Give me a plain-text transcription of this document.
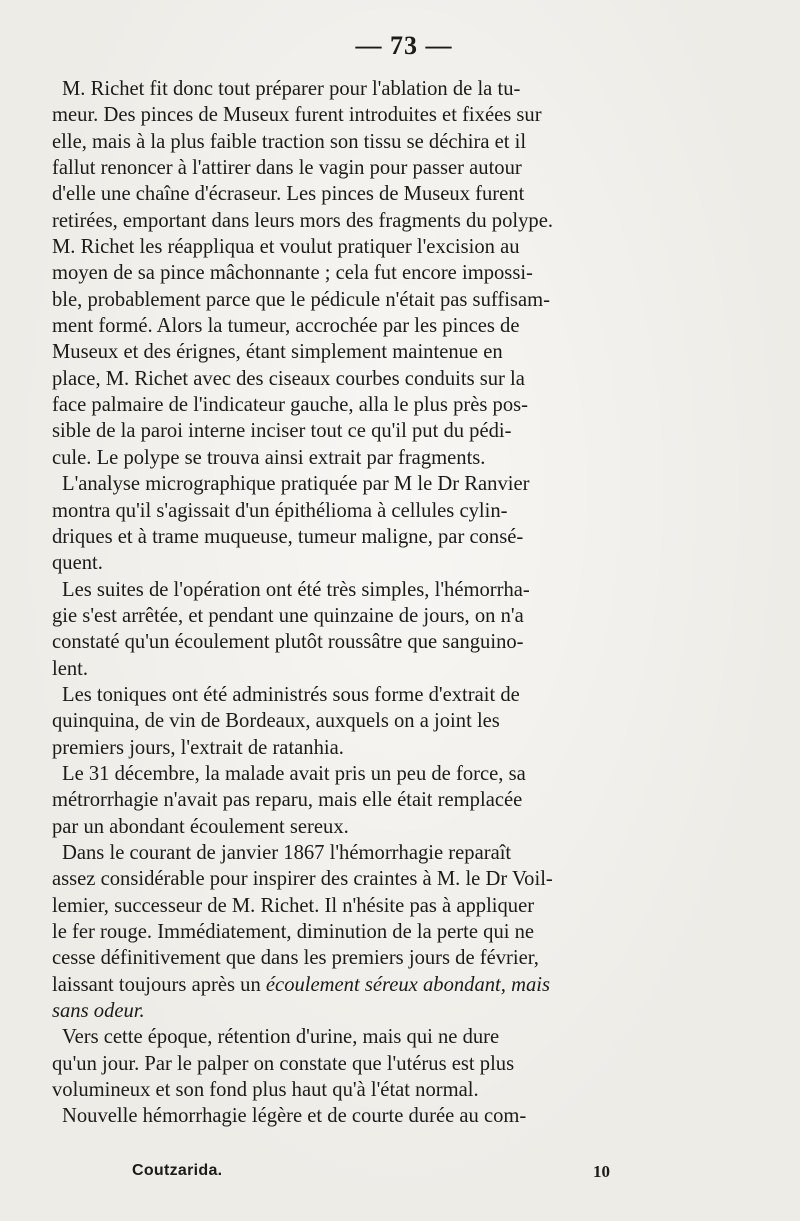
— 73 —

M. Richet fit donc tout préparer pour l'ablation de la tu-
meur. Des pinces de Museux furent introduites et fixées sur
elle, mais à la plus faible traction son tissu se déchira et il
fallut renoncer à l'attirer dans le vagin pour passer autour
d'elle une chaîne d'écraseur. Les pinces de Museux furent
retirées, emportant dans leurs mors des fragments du polype.
M. Richet les réappliqua et voulut pratiquer l'excision au
moyen de sa pince mâchonnante ; cela fut encore impossi-
ble, probablement parce que le pédicule n'était pas suffisam-
ment formé. Alors la tumeur, accrochée par les pinces de
Museux et des érignes, étant simplement maintenue en
place, M. Richet avec des ciseaux courbes conduits sur la
face palmaire de l'indicateur gauche, alla le plus près pos-
sible de la paroi interne inciser tout ce qu'il put du pédi-
cule. Le polype se trouva ainsi extrait par fragments.

L'analyse micrographique pratiquée par M le Dr Ranvier
montra qu'il s'agissait d'un épithélioma à cellules cylin-
driques et à trame muqueuse, tumeur maligne, par consé-
quent.

Les suites de l'opération ont été très simples, l'hémorrha-
gie s'est arrêtée, et pendant une quinzaine de jours, on n'a
constaté qu'un écoulement plutôt roussâtre que sanguino-
lent.

Les toniques ont été administrés sous forme d'extrait de
quinquina, de vin de Bordeaux, auxquels on a joint les
premiers jours, l'extrait de ratanhia.

Le 31 décembre, la malade avait pris un peu de force, sa
métrorrhagie n'avait pas reparu, mais elle était remplacée
par un abondant écoulement sereux.

Dans le courant de janvier 1867 l'hémorrhagie reparaît
assez considérable pour inspirer des craintes à M. le Dr Voil-
lemier, successeur de M. Richet. Il n'hésite pas à appliquer
le fer rouge. Immédiatement, diminution de la perte qui ne
cesse définitivement que dans les premiers jours de février,
laissant toujours après un écoulement séreux abondant, mais
sans odeur.

Vers cette époque, rétention d'urine, mais qui ne dure
qu'un jour. Par le palper on constate que l'utérus est plus
volumineux et son fond plus haut qu'à l'état normal.

Nouvelle hémorrhagie légère et de courte durée au com-

Coutzarida.	10
